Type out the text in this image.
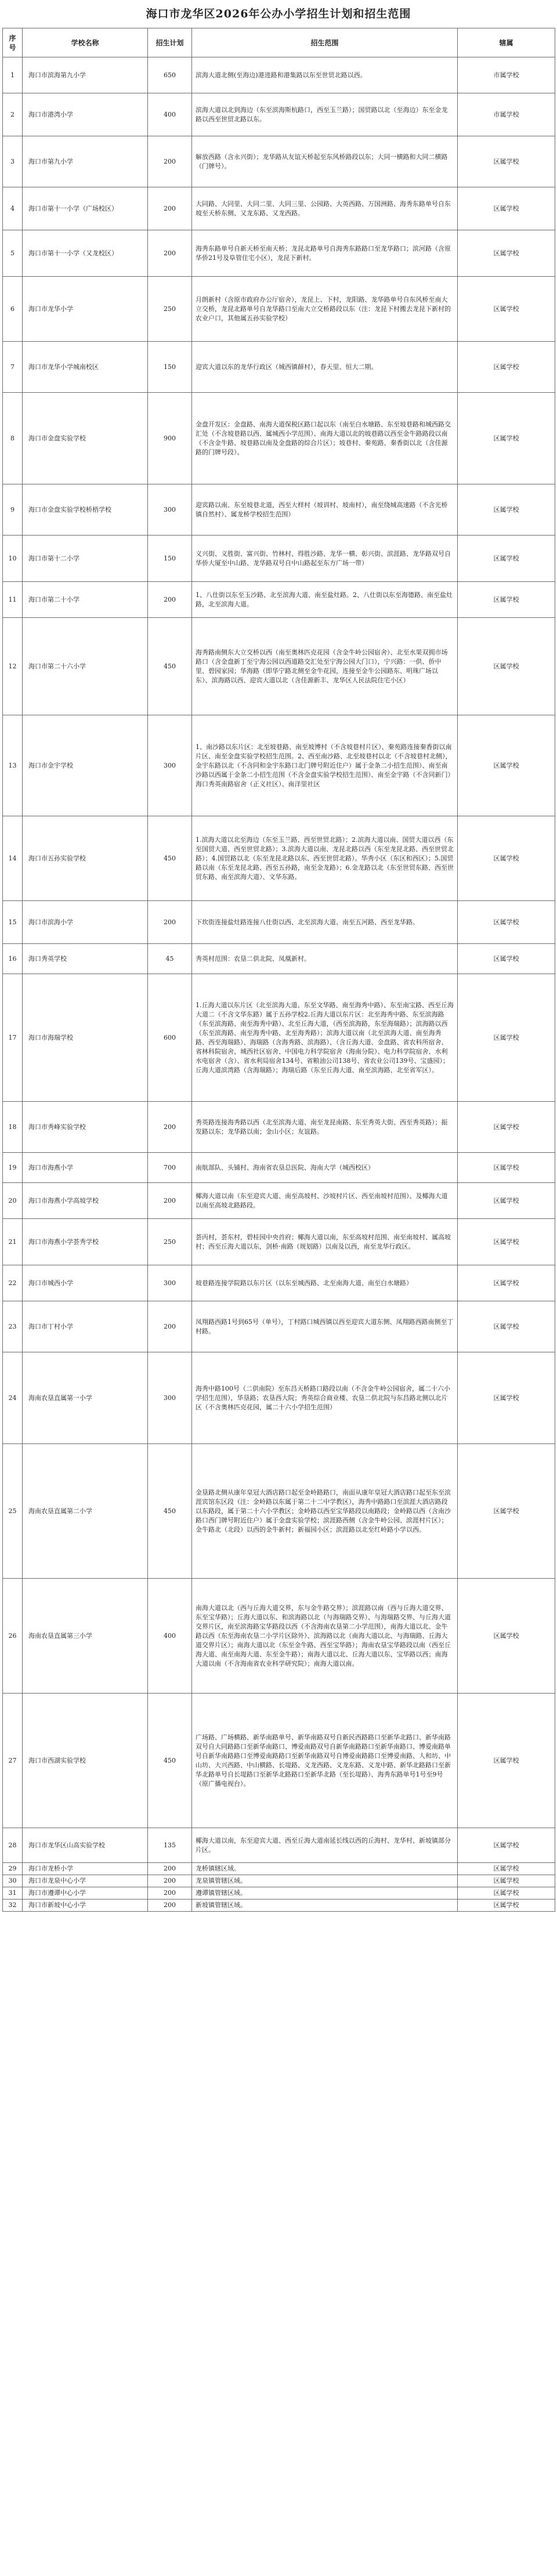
海口市龙华区2026年公办小学招生计划和招生范围
序号	学校名称	招生计划	招生范围	辖属
1	海口市滨海第九小学	650	滨海大道北侧(至海边)港进路和港集路以东至世贸北路以西。	市属学校
2	海口市港湾小学	400	滨海大道以北到海边（东至滨海斯杭路口，西至玉兰路）；国贸路以北（至海边）东至金龙路以西至世贸北路以东。	市属学校
3	海口市第九小学	200	解放西路（含永兴街）；龙华路从友谊天桥起至东风桥路段以东；大同一横路和大同二横路（门牌号）。	区属学校
4	海口市第十一小学（广场校区）	200	大同路、大同里、大同二里、大同三里、公园路、大英西路、万国洲路、海秀东路单号自东坡至天桥东侧、又龙东路、又龙西路。	区属学校
5	海口市第十一小学（又龙校区）	200	海秀东路单号自新天桥至南天桥；龙昆北路单号自海秀东路路口至龙华路口；滨河路（含原华侨21号及阜管住宅小区），龙昆下新村。	区属学校
6	海口市龙华小学	250	月朗新村（含原市政府办公厅宿舍），龙昆上、下村，龙阳路、龙华路单号自东风桥至南大立交桥，龙昆北路单号自龙华路口至南大立交桥路段以东（注：龙昆下村搬去龙昆下新村的农业户口，其他属五孙实验学校）	区属学校
7	海口市龙华小学城南校区	150	迎宾大道以东的龙华行政区（城西镇薛村），春天里、恒大二期。	区属学校
8	海口市金盘实验学校	900	金盘开发区：金盘路、南海大道保税区路口起以东（南至白水塘路、东至坡巷路和城西路交汇处（不含坡巷路以西、属城西小学范围）、南海大道以北的坡巷路以西至金牛路路段以南（不含金牛路、坡巷路以南及金盘路的综合片区）；坡巷村、秦苑路、秦香街以北（含佳源路的门牌号段）。	区属学校
9	海口市金盘实验学校桥梧学校	300	迎宾路以南、东至坡巷北道，西至大样村（坡训村、坡南村），南至绕城高速路（不含光桥镇自然村）、属龙桥学校招生范围）	区属学校
10	海口市第十二小学	150	义兴街、义胜街、富兴街、竹林村、得胜沙路、龙华一横、彰兴街、滨涯路、龙华路双号自华侨大厦至中山路、龙华路双号自中山路起至东方广场一带）	区属学校
11	海口市第二十小学	200	1、八仕街以东至玉沙路、北至滨海大道、南至盐灶路。2、八仕街以东至海德路、南至盐灶路，北至滨海大道。	区属学校
12	海口市第二十六小学	450	海秀路南侧东大立交桥以西（南至奥林匹克花园（含金牛岭公园宿舍）、北至水果双拥市场路口（含金盘新丁至宁海公园以西道路交汇处至宁海公园大门口），宁兴路：一供、侨中里、碧园家园；华海路（即华宁路北侧至金牛花园，连接至金牛公园路东、明珠广场以东）、滨海路以西、迎宾大道以北（含佳源新丰、龙华区人民法院住宅小区）	区属学校
13	海口市金宇学校	300	1、南沙路以东片区：北至坡巷路、南至坡博村（不含坡巷村片区）、秦苑路连接秦香街以南片区、南至金盘实验学校招生范围。2、西至南沙路、北至坡巷村以北（不含坡巷村北侧），金宇东路以北（不含同和金宇东路口北门牌号附近住户）属于金条二小招生范围）、南至南沙路以西属于金条二小招生范围（不含金盘实验学校招生范围）、南至金宇路（不含同新门）海口秀英南路宿舍（正义社区）、南洋里社区	区属学校
14	海口市五孙实验学校	450	1.滨海大道以北至海边（东至玉兰路、西至世贸北路）；2.滨海大道以南、国贸大道以西（东至国贸大道、西至世贸北路）；3.滨海大道以南、龙昆北路以西（东至龙昆北路、西至世贸北路）；4.国贸路以北（东至龙昆北路以东、西至世贸北路）。华秀小区（东区和西区）；5.国贸路以南（东至龙昆北路、西至五孙路，南至金龙路）；6.金龙路以北（东至世贸东路、西至世贸东路、南至滨海大道）、文华东路。	区属学校
15	海口市滨海小学	200	下坎街连接盐灶路连接八仕街以西、北至滨海大道、南至五河路、西至龙华路。	区属学校
16	海口秀英学校	45	秀英村范围：农垦二供北院、凤凰新村。	区属学校
17	海口市海瑞学校	600	1.丘海大道以东片区（北至滨海大道、东至文华路、南至海秀中路）、东至南宝路、西至丘海大道二（不含文华东路）属于五孙学校2.丘海大道以东片区：北至海秀中路、东至滨海路（东至滨海路、南至海秀中路）、北至丘海大道，（西至滨海路，东至海瑞路）；滨海路以西（东至滨海路、南至海秀中路、北至海秀路）；滨海大道以南（北至滨海大道、南至海秀路、西至海瑞路）、海瑞路（含海秀路、滨海路）、（含丘海大道、金盘路、省农科所宿舍、省林科院宿舍、城西社区宿舍、中国电力科学院宿舍（海南分院）、电力科学院宿舍、水利水电宿舍（含）、省水利局宿舍134号、省粮油公司138号、省农业公司139号、宝盛园）；丘海大道滨湾路（含海瑞路）；海瑞后路（东至丘海大道、南至滨海路、北至省军区）。	区属学校
18	海口市秀峰实验学校	200	秀英路连接海秀路以西（北至滨海大道、南至龙昆南路、东至秀英大街、西至秀英路）；振发路以东；龙华路以南；金山小区；友谊路。	区属学校
19	海口市海燕小学	700	南航部队、头铺村、海南省农垦总医院、海南大学（城西校区）	区属学校
20	海口市海燕小学高坡学校	200	椰海大道以南（东至迎宾大道、南至高坡村、沙坡村片区、西至南坡村范围）、及椰海大道以南至高坡北路路段。	区属学校
21	海口市海燕小学荟秀学校	250	荟丙村，荟东村，碧桂园中央首府；椰海大道以南，东至高坡村范围、南至南坡村、属高坡村；西至丘海大道以东，剑桥·南路（规划路）以南及以西，南至龙华行政区。	区属学校
22	海口市城西小学	300	坡巷路连接学院路以东片区（以东至城西路、北至南海大道、南至白水塘路）	区属学校
23	海口市丁村小学	200	凤翔路西路1号到65号（单号），丁村路口城西镇以西至迎宾大道东侧、凤翔路西路南侧至丁村路。	区属学校
24	海南农垦直属第一小学	300	海秀中路100号（二供南院）至东昌天桥路口路段以南（不含金牛岭公园宿舍，属二十六小学招生范围），华垦路；农垦西大院；秀英综合商业楼、农垦二供北院与东昌路北侧以北片区（不含奥林匹克花园，属二十六小学招生范围）	区属学校
25	海南农垦直属第二小学	450	金垦路北侧从康年皇冠大酒店路口起至金岭路路口，南面从康年皇冠大酒店路口起至东至滨涯宾馆东区段（注：金岭路以东属于第二十二中学教区），海秀中路路口至滨涯大酒店路段以东路段，属于第二十六小学教区；金岭路以西至宝华路段以南路段；金岭路以西（含南沙路口西门牌号附近住户）属于金盘实验学校；滨涯路西侧（含金牛岭公园、滨涯村片区）；金牛路北（北段）以西的金牛新村；新福园小区；滨涯路以北至红岭路小学以西。	区属学校
26	海南农垦直属第三小学	400	南海大道以北（西与丘海大道交界，东与金牛路交界）；滨涯路以南（西与丘海大道交界、东至宝华路）；丘海大道以东、和滨海路以北（与海瑞路交界）、与海瑞路交界、与丘海大道交界片区，南至滨海路宝华路段以西（不含海南农垦第二小学范围），南海大道以北、金牛路以西（东至海南农垦二小学片区除外）、滨海路以北（南海大道以北、与海瑞路、丘海大道交界片区）；南海大道以北（东至金牛路、西至宝华路）；海南农垦宝华路段以南（西至丘海大道、南至南海大道、东至金牛路）；南海大道以北、丘海大道以东、宝华路以西；南海大道以南（不含海南省农业科学研究院）；南海大道以南。	区属学校
27	海口市西湖实验学校	450	广场路、广场横路、新华南路单号、新华南路双号自新民西路路口至新华北路口、新华南路双号自大同路路口至新华南路口、博爱南路双号自新华南路路口至新华南路口、博爱南路单号自新华南路路口至博爱南路路口至新华南路双号自博爱南路路口至博爱南路、人和坊、中山坊、大兴西路、中山横路、长堤路、义龙西路、义龙东路、义龙中路、新华北路路口至新华北路单号自长堤路口至新华北路路口至新华北路（至长堤路）、海秀东路单号1号至9号（原广播电视台）。	区属学校
28	海口市龙华区山高实验学校	135	椰海大道以南，东至迎宾大道、西至丘海大道南延长线以西的丘海村、龙华村、新坡镇部分片区。	区属学校
29	海口市龙桥小学	200	龙桥镇辖区域。	区属学校
30	海口市龙泉中心小学	200	龙泉镇管辖区域。	区属学校
31	海口市遵谭中心小学	200	遵谭镇管辖区域。	区属学校
32	海口市新坡中心小学	200	新坡镇管辖区域。	区属学校
